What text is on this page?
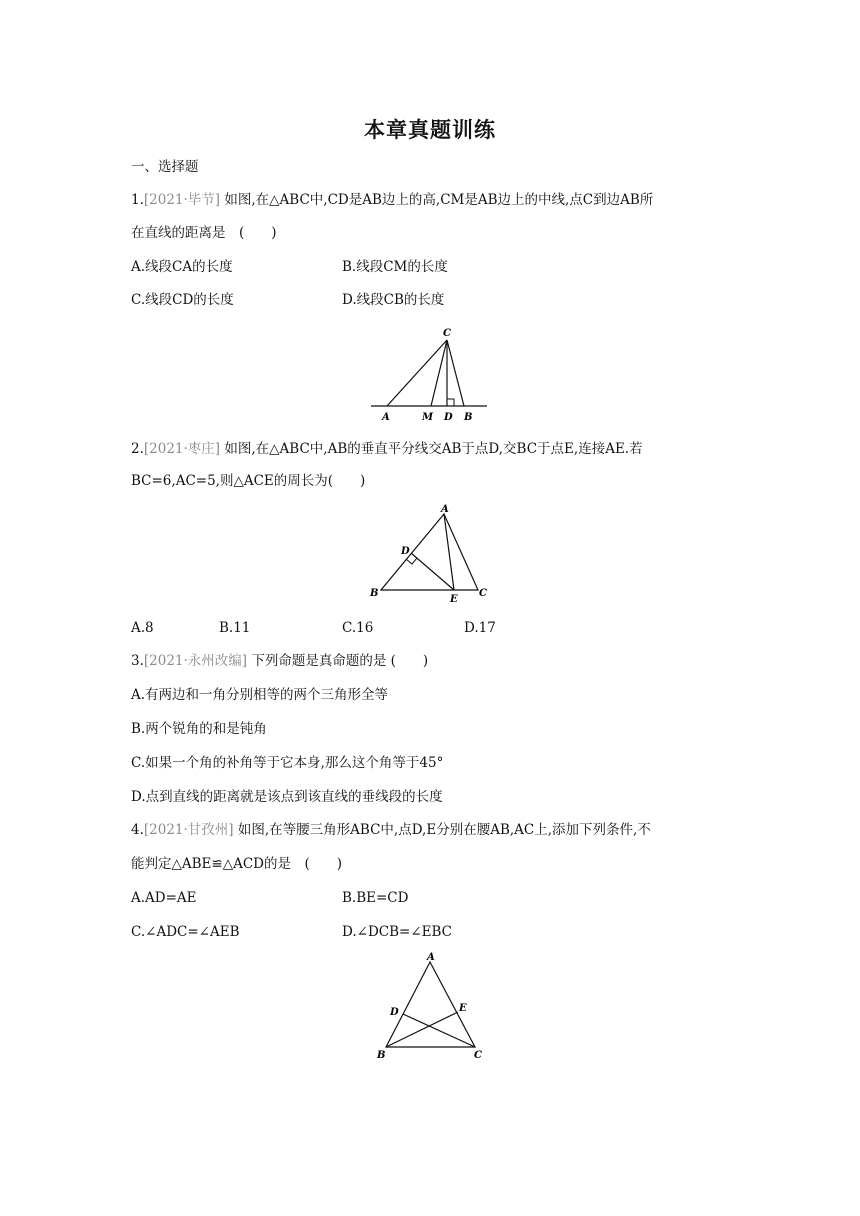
本章真题训练
一、选择题
1.[2021·毕节] 如图,在△ABC中,CD是AB边上的高,CM是AB边上的中线,点C到边AB所
在直线的距离是　(　　)
A.线段CA的长度	B.线段CM的长度
C.线段CD的长度	D.线段CB的长度
C
A	M D B
2.[2021·枣庄] 如图,在△ABC中,AB的垂直平分线交AB于点D,交BC于点E,连接AE.若
BC=6,AC=5,则△ACE的周长为(　　)
A
D
B
E
C
A.8	B.11	C.16	D.17
3.[2021·永州改编] 下列命题是真命题的是 (　　)
A.有两边和一角分别相等的两个三角形全等
B.两个锐角的和是钝角
C.如果一个角的补角等于它本身,那么这个角等于45°
D.点到直线的距离就是该点到该直线的垂线段的长度
4.[2021·甘孜州] 如图,在等腰三角形ABC中,点D,E分别在腰AB,AC上,添加下列条件,不
能判定△ABE≌△ACD的是　(　　)
A.AD=AE	B.BE=CD
C.∠ADC=∠AEB	D.∠DCB=∠EBC
A
D	E
B	C
